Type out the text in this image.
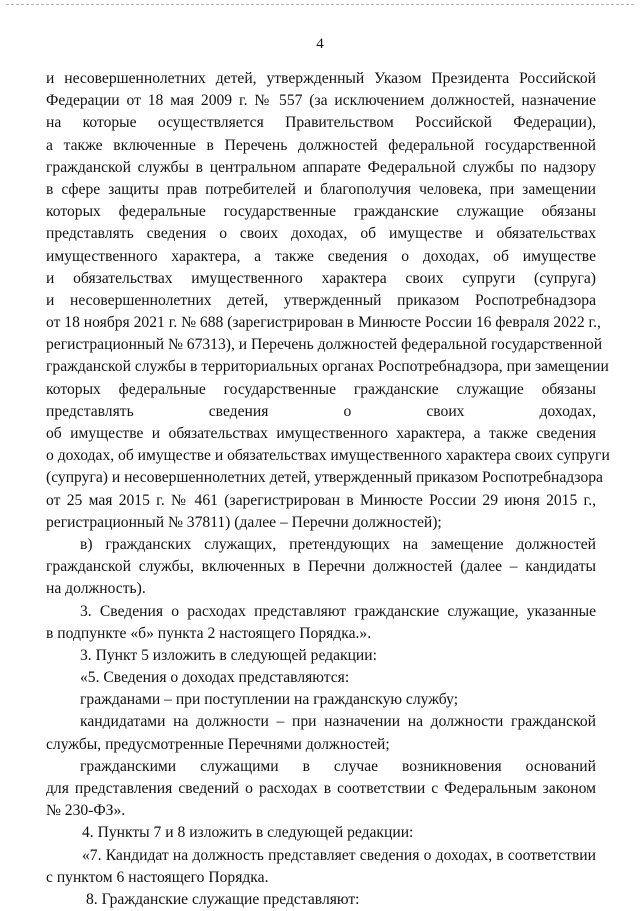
4
и несовершеннолетних детей, утвержденный Указом Президента Российской
Федерации от 18 мая 2009 г. № 557 (за исключением должностей, назначение
на которые осуществляется Правительством Российской Федерации),
а также включенные в Перечень должностей федеральной государственной
гражданской службы в центральном аппарате Федеральной службы по надзору
в сфере защиты прав потребителей и благополучия человека, при замещении
которых федеральные государственные гражданские служащие обязаны
представлять сведения о своих доходах, об имуществе и обязательствах
имущественного характера, а также сведения о доходах, об имуществе
и обязательствах имущественного характера своих супруги (супруга)
и несовершеннолетних детей, утвержденный приказом Роспотребнадзора
от 18 ноября 2021 г. № 688 (зарегистрирован в Минюсте России 16 февраля 2022 г.,
регистрационный № 67313), и Перечень должностей федеральной государственной
гражданской службы в территориальных органах Роспотребнадзора, при замещении
которых федеральные государственные гражданские служащие обязаны
представлять сведения о своих доходах,
об имуществе и обязательствах имущественного характера, а также сведения
о доходах, об имуществе и обязательствах имущественного характера своих супруги
(супруга) и несовершеннолетних детей, утвержденный приказом Роспотребнадзора
от 25 мая 2015 г. № 461 (зарегистрирован в Минюсте России 29 июня 2015 г.,
регистрационный № 37811) (далее – Перечни должностей);
в) гражданских служащих, претендующих на замещение должностей
гражданской службы, включенных в Перечни должностей (далее – кандидаты
на должность).
3. Сведения о расходах представляют гражданские служащие, указанные
в подпункте «б» пункта 2 настоящего Порядка.».
3. Пункт 5 изложить в следующей редакции:
«5. Сведения о доходах представляются:
гражданами – при поступлении на гражданскую службу;
кандидатами на должности – при назначении на должности гражданской
службы, предусмотренные Перечнями должностей;
гражданскими служащими в случае возникновения оснований
для представления сведений о расходах в соответствии с Федеральным законом
№ 230-ФЗ».
4. Пункты 7 и 8 изложить в следующей редакции:
«7. Кандидат на должность представляет сведения о доходах, в соответствии
с пунктом 6 настоящего Порядка.
8. Гражданские служащие представляют:
